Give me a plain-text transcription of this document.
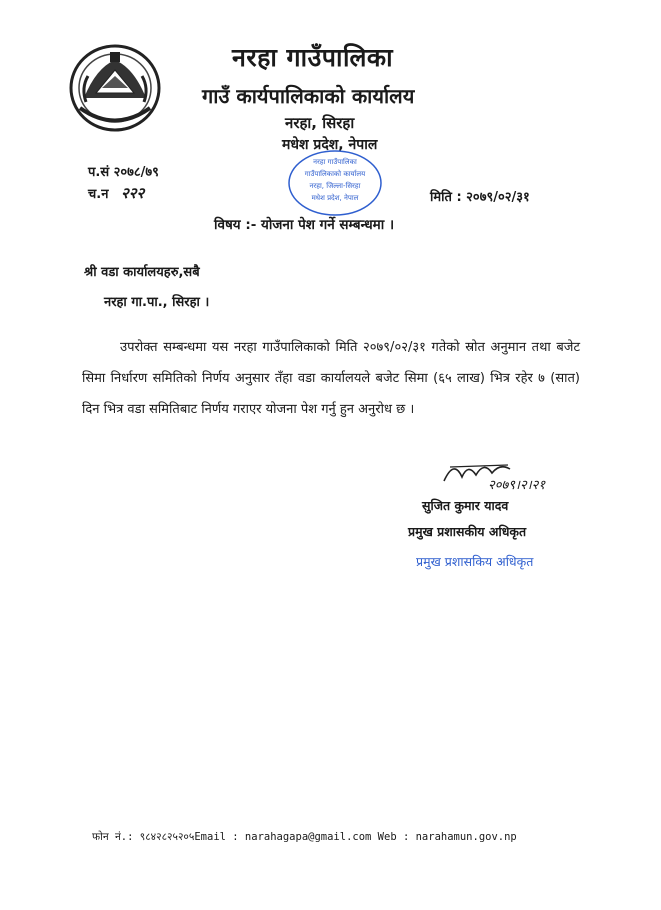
नरहा गाउँपालिका
गाउँ कार्यपालिकाको कार्यालय
नरहा, सिरहा
मधेश प्रदेश, नेपाल
नरहा गाउँपालिका
गाउँपालिकाको कार्यालय
नरहा, जिल्ला-सिरहा
मधेश प्रदेश, नेपाल
प.सं २०७८/७९
च.न २२२	मिति : २०७९/०२/३१
विषय :- योजना पेश गर्ने सम्बन्धमा ।
श्री वडा कार्यालयहरु,सबै
नरहा गा.पा., सिरहा ।
उपरोक्त सम्बन्धमा यस नरहा गाउँपालिकाको मिति २०७९/०२/३१ गतेको स्रोत अनुमान तथा बजेट सिमा निर्धारण समितिको निर्णय अनुसार तँहा वडा कार्यालयले बजेट सिमा (६५ लाख) भित्र रहेर ७ (सात) दिन भित्र वडा समितिबाट निर्णय गराएर योजना पेश गर्नु हुन अनुरोध छ ।
२०७९।२।२१
सुजित कुमार यादव
प्रमुख प्रशासकीय अधिकृत
प्रमुख प्रशासकिय अधिकृत
फोन नं.: ९८४२८२५२०५Email : narahagapa@gmail.com Web : narahamun.gov.np
